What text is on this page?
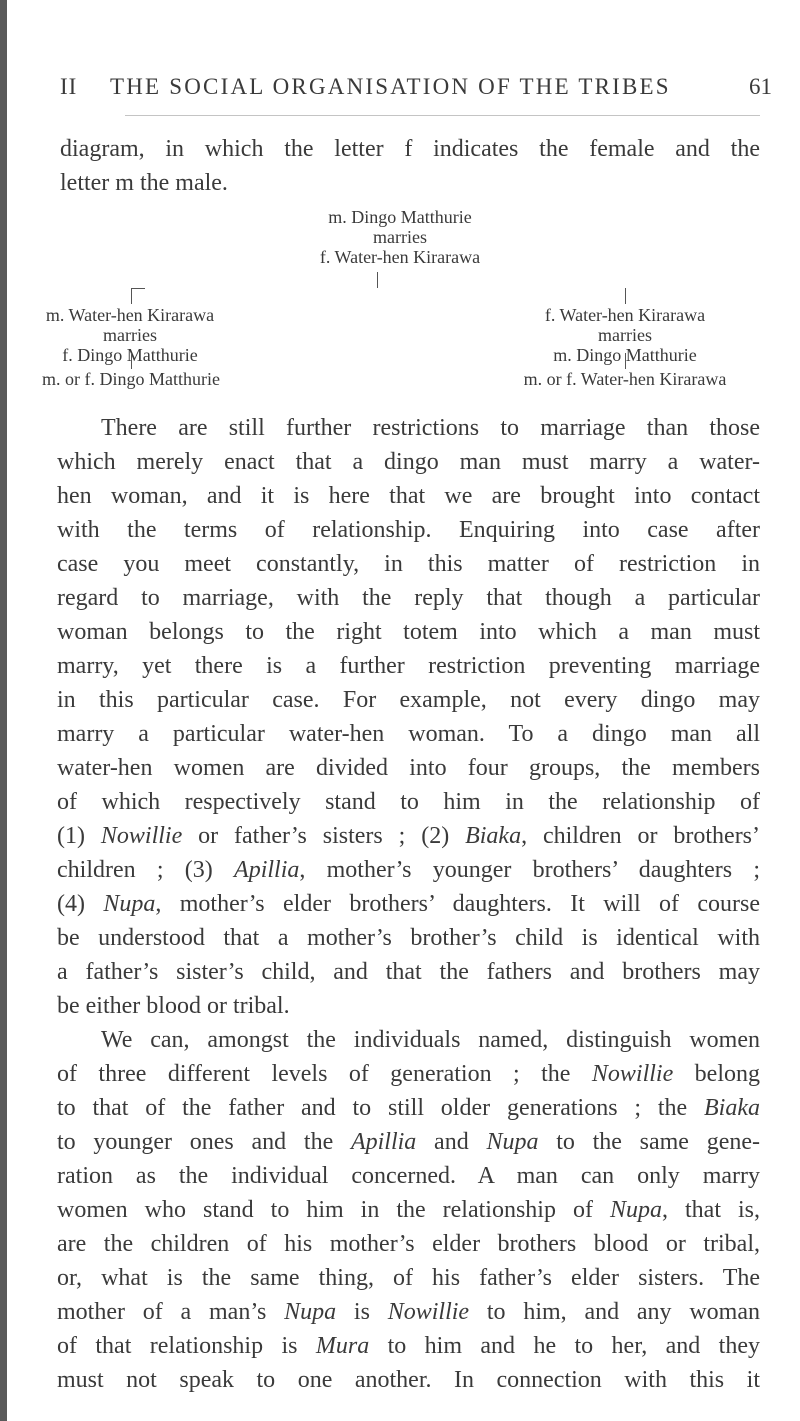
II THE SOCIAL ORGANISATION OF THE TRIBES	61
diagram, in which the letter f indicates the female and the
letter m the male.
m. Dingo Matthurie
marries
f. Water-hen Kirarawa
m. Water-hen Kirarawa
marries
f. Dingo Matthurie
m. or f. Dingo Matthurie
f. Water-hen Kirarawa
marries
m. Dingo Matthurie
m. or f. Water-hen Kirarawa
There are still further restrictions to marriage than those
which merely enact that a dingo man must marry a water-
hen woman, and it is here that we are brought into contact
with the terms of relationship. Enquiring into case after
case you meet constantly, in this matter of restriction in
regard to marriage, with the reply that though a particular
woman belongs to the right totem into which a man must
marry, yet there is a further restriction preventing marriage
in this particular case. For example, not every dingo may
marry a particular water-hen woman. To a dingo man all
water-hen women are divided into four groups, the members
of which respectively stand to him in the relationship of
(1) Nowillie or father’s sisters ; (2) Biaka, children or brothers’
children ; (3) Apillia, mother’s younger brothers’ daughters ;
(4) Nupa, mother’s elder brothers’ daughters. It will of course
be understood that a mother’s brother’s child is identical with
a father’s sister’s child, and that the fathers and brothers may
be either blood or tribal.
We can, amongst the individuals named, distinguish women
of three different levels of generation ; the Nowillie belong
to that of the father and to still older generations ; the Biaka
to younger ones and the Apillia and Nupa to the same gene-
ration as the individual concerned. A man can only marry
women who stand to him in the relationship of Nupa, that is,
are the children of his mother’s elder brothers blood or tribal,
or, what is the same thing, of his father’s elder sisters. The
mother of a man’s Nupa is Nowillie to him, and any woman
of that relationship is Mura to him and he to her, and they
must not speak to one another. In connection with this it
